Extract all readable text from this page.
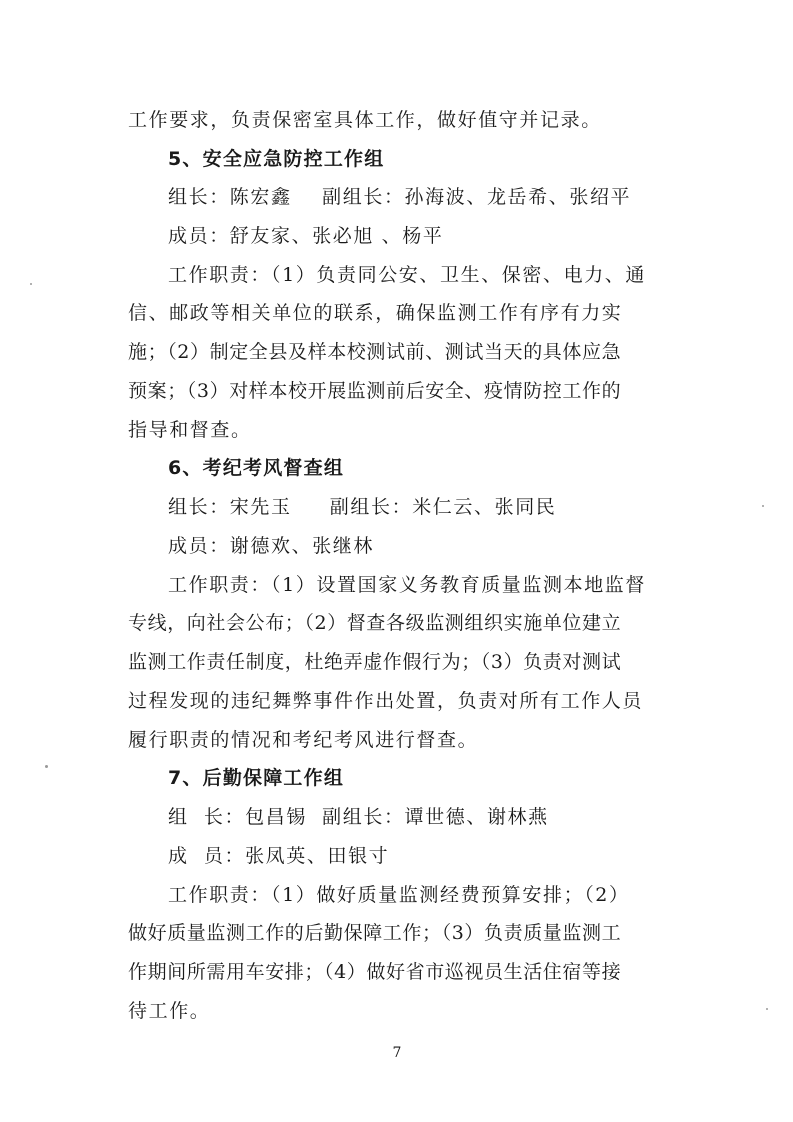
工作要求，负责保密室具体工作，做好值守并记录。
5、安全应急防控工作组
组长：陈宏鑫    副组长：孙海波、龙岳希、张绍平
成员：舒友家、张必旭 、杨平
工作职责：（1）负责同公安、卫生、保密、电力、通
信、邮政等相关单位的联系，确保监测工作有序有力实
施；（2）制定全县及样本校测试前、测试当天的具体应急
预案；（3）对样本校开展监测前后安全、疫情防控工作的
指导和督查。
6、考纪考风督查组
组长：宋先玉     副组长：米仁云、张同民
成员：谢德欢、张继林
工作职责：（1）设置国家义务教育质量监测本地监督
专线，向社会公布；（2）督查各级监测组织实施单位建立
监测工作责任制度，杜绝弄虚作假行为；（3）负责对测试
过程发现的违纪舞弊事件作出处置，负责对所有工作人员
履行职责的情况和考纪考风进行督查。
7、后勤保障工作组
组  长：包昌锡  副组长：谭世德、谢林燕
成  员：张凤英、田银寸
工作职责：（1）做好质量监测经费预算安排；（2）
做好质量监测工作的后勤保障工作；（3）负责质量监测工
作期间所需用车安排；（4）做好省市巡视员生活住宿等接
待工作。
7
